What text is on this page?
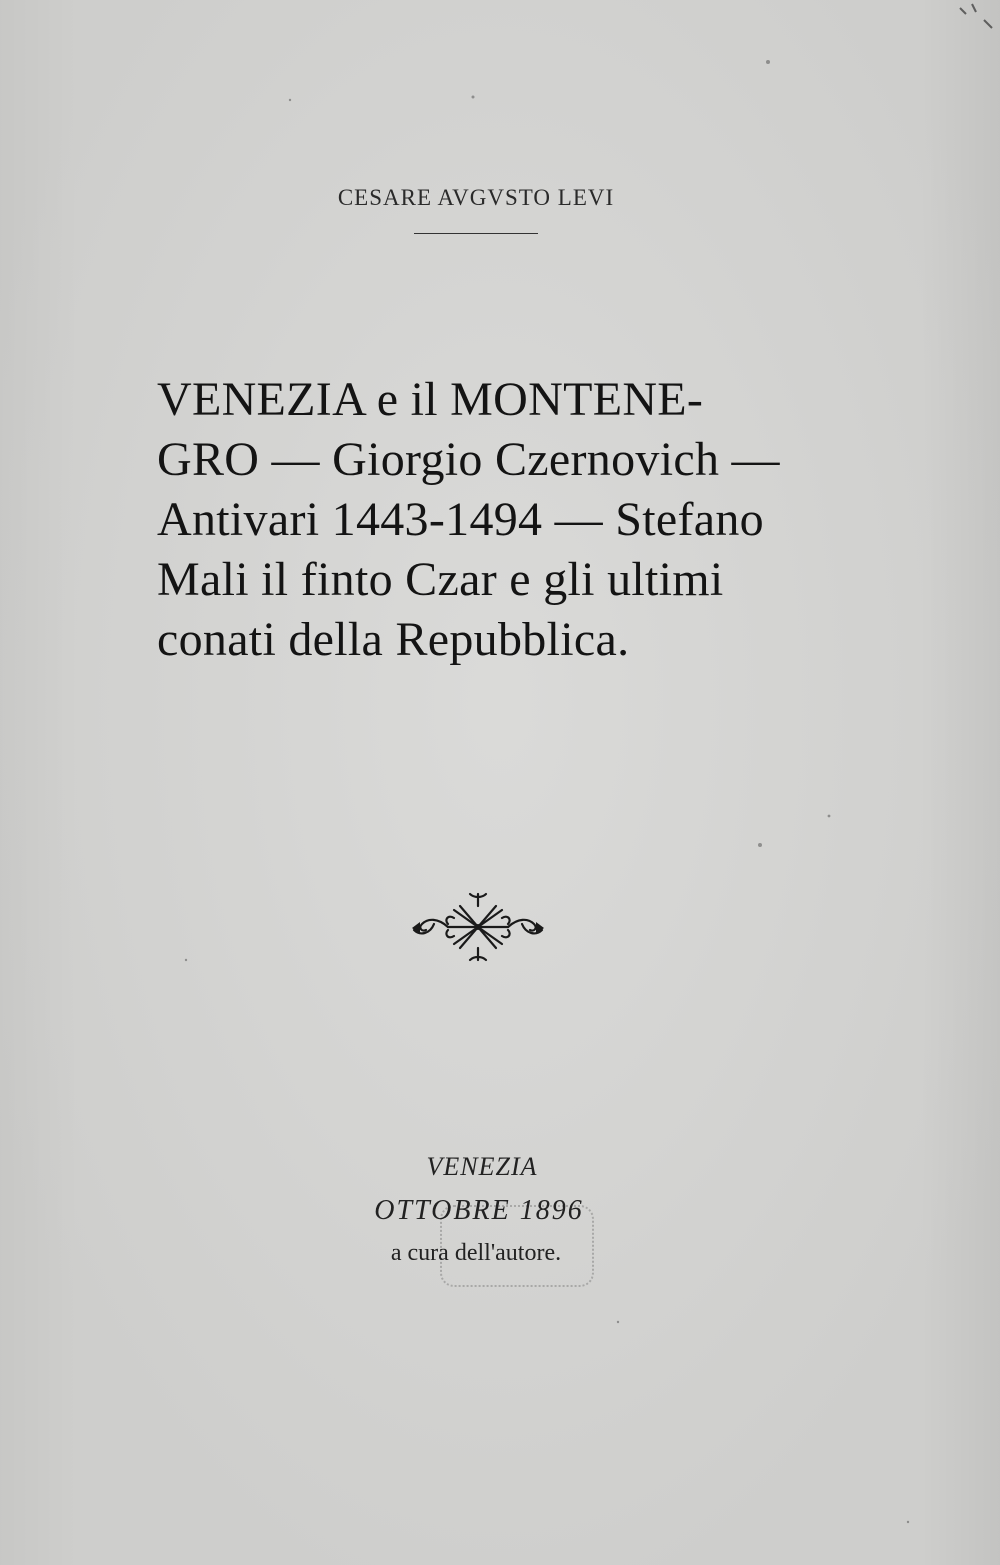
CESARE AVGVSTO LEVI
VENEZIA e il MONTENE-
GRO — Giorgio Czernovich —
Antivari 1443-1494 — Stefano
Mali il finto Czar e gli ultimi
conati della Repubblica.
VENEZIA
OTTOBRE 1896
a cura dell'autore.
